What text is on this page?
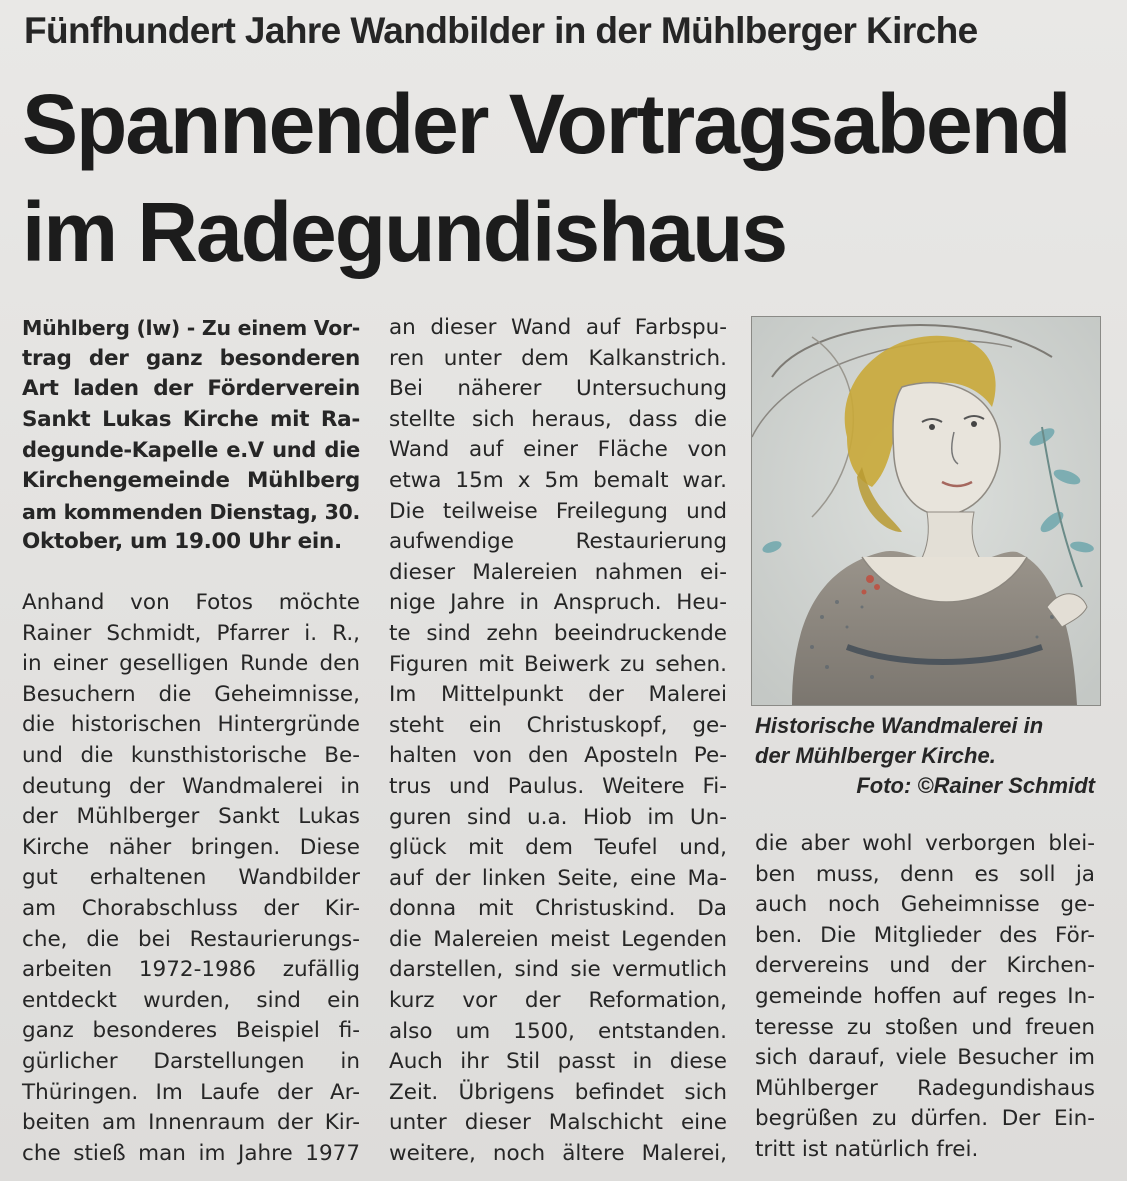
Fünfhundert Jahre Wandbilder in der Mühlberger Kirche
Spannender Vortragsabend
im Radegundishaus
Mühlberg (lw) - Zu einem Vor-
trag der ganz besonderen
Art laden der Förderverein
Sankt Lukas Kirche mit Ra-
degunde-Kapelle e.V und die
Kirchengemeinde Mühlberg
am kommenden Dienstag, 30.
Oktober, um 19.00 Uhr ein.
Anhand von Fotos möchte
Rainer Schmidt, Pfarrer i. R.,
in einer geselligen Runde den
Besuchern die Geheimnisse,
die historischen Hintergründe
und die kunsthistorische Be-
deutung der Wandmalerei in
der Mühlberger Sankt Lukas
Kirche näher bringen. Diese
gut erhaltenen Wandbilder
am Chorabschluss der Kir-
che, die bei Restaurierungs-
arbeiten 1972-1986 zufällig
entdeckt wurden, sind ein
ganz besonderes Beispiel fi-
gürlicher Darstellungen in
Thüringen. Im Laufe der Ar-
beiten am Innenraum der Kir-
che stieß man im Jahre 1977
an dieser Wand auf Farbspu-
ren unter dem Kalkanstrich.
Bei näherer Untersuchung
stellte sich heraus, dass die
Wand auf einer Fläche von
etwa 15m x 5m bemalt war.
Die teilweise Freilegung und
aufwendige Restaurierung
dieser Malereien nahmen ei-
nige Jahre in Anspruch. Heu-
te sind zehn beeindruckende
Figuren mit Beiwerk zu sehen.
Im Mittelpunkt der Malerei
steht ein Christuskopf, ge-
halten von den Aposteln Pe-
trus und Paulus. Weitere Fi-
guren sind u.a. Hiob im Un-
glück mit dem Teufel und,
auf der linken Seite, eine Ma-
donna mit Christuskind. Da
die Malereien meist Legenden
darstellen, sind sie vermutlich
kurz vor der Reformation,
also um 1500, entstanden.
Auch ihr Stil passt in diese
Zeit. Übrigens befindet sich
unter dieser Malschicht eine
weitere, noch ältere Malerei,
Historische Wandmalerei in
der Mühlberger Kirche.
Foto: ©Rainer Schmidt
die aber wohl verborgen blei-
ben muss, denn es soll ja
auch noch Geheimnisse ge-
ben. Die Mitglieder des För-
dervereins und der Kirchen-
gemeinde hoffen auf reges In-
teresse zu stoßen und freuen
sich darauf, viele Besucher im
Mühlberger Radegundishaus
begrüßen zu dürfen. Der Ein-
tritt ist natürlich frei.
